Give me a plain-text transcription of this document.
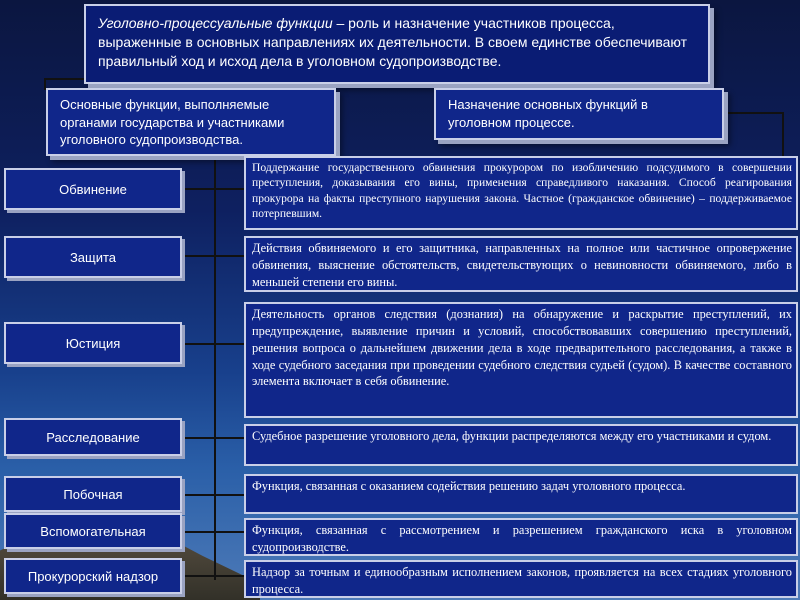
Уголовно-процессуальные функции – роль и назначение участников процесса, выраженные в основных направлениях их деятельности. В своем единстве обеспечивают правильный ход и исход дела в уголовном судопроизводстве.
Основные функции, выполняемые органами государства и участниками уголовного судопроизводства.
Назначение основных функций в уголовном процессе.
Обвинение
Защита
Юстиция
Расследование
Побочная
Вспомогательная
Прокурорский надзор
Поддержание государственного обвинения прокурором по изобличению подсудимого в совершении преступления, доказывания его вины, применения справедливого наказания. Способ реагирования прокурора на факты преступного нарушения закона. Частное (гражданское обвинение) – поддерживаемое потерпевшим.
Действия обвиняемого и его защитника, направленных на полное или частичное опровержение обвинения, выяснение обстоятельств, свидетельствующих о невиновности обвиняемого, либо в меньшей степени его вины.
Деятельность органов следствия (дознания) на обнаружение и раскрытие преступлений, их предупреждение, выявление причин и условий, способствовавших совершению преступлений, решения вопроса о дальнейшем движении дела в ходе предварительного расследования, а также в ходе судебного заседания при проведении судебного следствия судьей (судом). В качестве составного элемента включает в себя обвинение.
Судебное разрешение уголовного дела, функции распределяются между его участниками и судом.
Функция, связанная с оказанием содействия решению задач уголовного процесса.
Функция, связанная с рассмотрением и разрешением гражданского иска в уголовном судопроизводстве.
Надзор за точным и единообразным исполнением законов, проявляется на всех стадиях уголовного процесса.
